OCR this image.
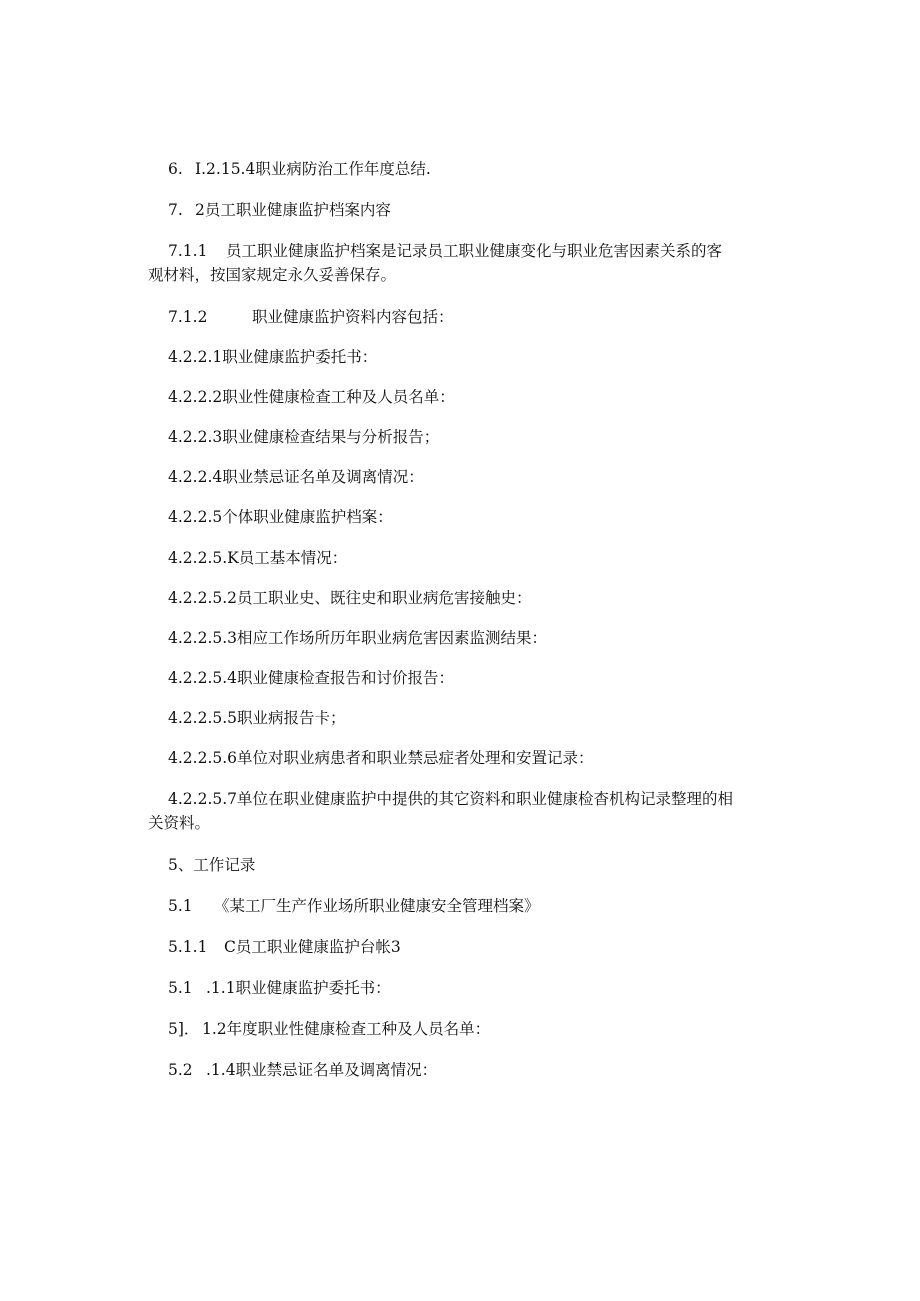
6. I.2.15.4职业病防治工作年度总结.
7. 2员工职业健康监护档案内容
7.1.1 员工职业健康监护档案是记录员工职业健康变化与职业危害因素关系的客
观材料，按国家规定永久妥善保存。
7.1.2	职业健康监护资料内容包括：
4.2.2.1职业健康监护委托书：
4.2.2.2职业性健康检查工种及人员名单：
4.2.2.3职业健康检查结果与分析报告；
4.2.2.4职业禁忌证名单及调离情况：
4.2.2.5个体职业健康监护档案：
4.2.2.5.K员工基本情况：
4.2.2.5.2员工职业史、既往史和职业病危害接触史：
4.2.2.5.3相应工作场所历年职业病危害因素监测结果：
4.2.2.5.4职业健康检查报告和讨价报告：
4.2.2.5.5职业病报告卡；
4.2.2.5.6单位对职业病患者和职业禁忌症者处理和安置记录：
4.2.2.5.7单位在职业健康监护中提供的其它资料和职业健康检杳机构记录整理的相
关资料。
5、工作记录
5.1 《某工厂生产作业场所职业健康安全管理档案》
5.1.1 C员工职业健康监护台帐3
5.1 .1.1职业健康监护委托书：
5]． 1.2年度职业性健康检查工种及人员名单：
5.2 .1.4职业禁忌证名单及调离情况：
